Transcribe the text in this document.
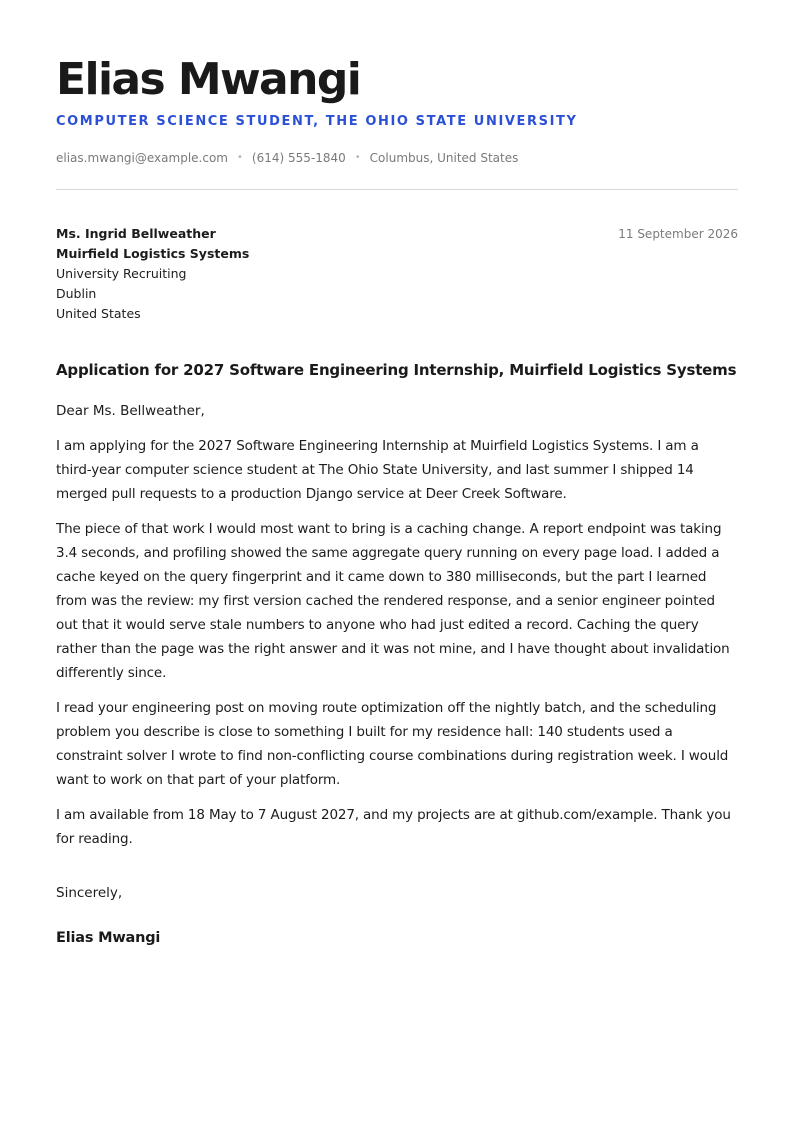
Elias Mwangi
COMPUTER SCIENCE STUDENT, THE OHIO STATE UNIVERSITY
elias.mwangi@example.com • (614) 555-1840 • Columbus, United States
Ms. Ingrid Bellweather
Muirfield Logistics Systems
University Recruiting
Dublin
United States
11 September 2026
Application for 2027 Software Engineering Internship, Muirfield Logistics Systems
Dear Ms. Bellweather,
I am applying for the 2027 Software Engineering Internship at Muirfield Logistics Systems. I am a third-year computer science student at The Ohio State University, and last summer I shipped 14 merged pull requests to a production Django service at Deer Creek Software.
The piece of that work I would most want to bring is a caching change. A report endpoint was taking 3.4 seconds, and profiling showed the same aggregate query running on every page load. I added a cache keyed on the query fingerprint and it came down to 380 milliseconds, but the part I learned from was the review: my first version cached the rendered response, and a senior engineer pointed out that it would serve stale numbers to anyone who had just edited a record. Caching the query rather than the page was the right answer and it was not mine, and I have thought about invalidation differently since.
I read your engineering post on moving route optimization off the nightly batch, and the scheduling problem you describe is close to something I built for my residence hall: 140 students used a constraint solver I wrote to find non-conflicting course combinations during registration week. I would want to work on that part of your platform.
I am available from 18 May to 7 August 2027, and my projects are at github.com/example. Thank you for reading.
Sincerely,
Elias Mwangi
